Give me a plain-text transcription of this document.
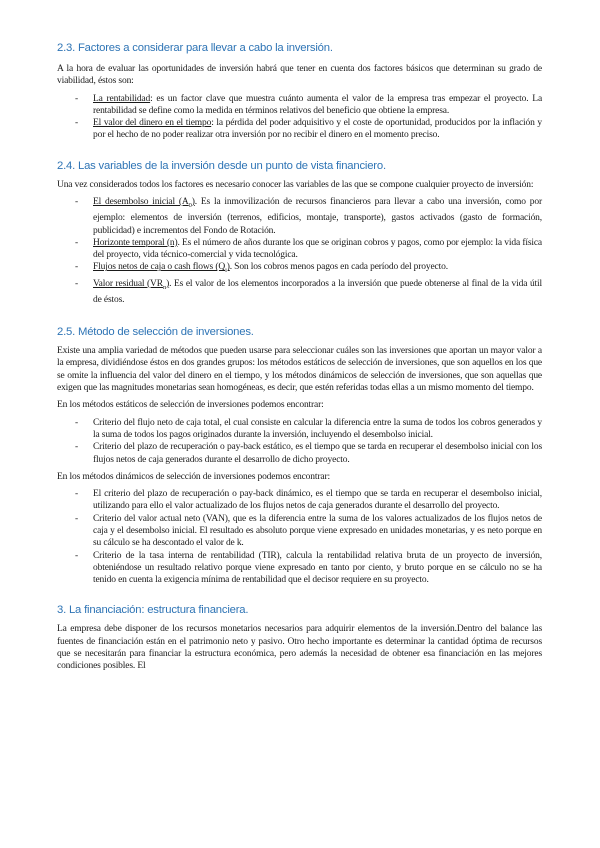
2.3. Factores a considerar para llevar a cabo la inversión.

A la hora de evaluar las oportunidades de inversión habrá que tener en cuenta dos factores básicos que determinan su grado de viabilidad, éstos son:

-	La rentabilidad: es un factor clave que muestra cuánto aumenta el valor de la empresa tras empezar el proyecto. La rentabilidad se define como la medida en términos relativos del beneficio que obtiene la empresa.
-	El valor del dinero en el tiempo: la pérdida del poder adquisitivo y el coste de oportunidad, producidos por la inflación y por el hecho de no poder realizar otra inversión por no recibir el dinero en el momento preciso.
2.4. Las variables de la inversión desde un punto de vista financiero.

Una vez considerados todos los factores es necesario conocer las variables de las que se compone cualquier proyecto de inversión:

-	El desembolso inicial $(A_0)$. Es la inmovilización de recursos financieros para llevar a cabo una inversión, como por ejemplo: elementos de inversión (terrenos, edificios, montaje, transporte), gastos activados (gasto de formación, publicidad) e incrementos del Fondo de Rotación.
-	Horizonte temporal (n). Es el número de años durante los que se originan cobros y pagos, como por ejemplo: la vida física del proyecto, vida técnico-comercial y vida tecnológica.
-	Flujos netos de caja o cash flows $(Q_i)$. Son los cobros menos pagos en cada período del proyecto.
-	Valor residual $(VR_n)$. Es el valor de los elementos incorporados a la inversión que puede obtenerse al final de la vida útil de éstos.
2.5. Método de selección de inversiones.

Existe una amplia variedad de métodos que pueden usarse para seleccionar cuáles son las inversiones que aportan un mayor valor a la empresa, dividiéndose éstos en dos grandes grupos: los métodos estáticos de selección de inversiones, que son aquellos en los que se omite la influencia del valor del dinero en el tiempo, y los métodos dinámicos de selección de inversiones, que son aquellas que exigen que las magnitudes monetarias sean homogéneas, es decir, que estén referidas todas ellas a un mismo momento del tiempo.

En los métodos estáticos de selección de inversiones podemos encontrar:

-	Criterio del flujo neto de caja total, el cual consiste en calcular la diferencia entre la suma de todos los cobros generados y la suma de todos los pagos originados durante la inversión, incluyendo el desembolso inicial.
-	Criterio del plazo de recuperación o pay-back estático, es el tiempo que se tarda en recuperar el desembolso inicial con los flujos netos de caja generados durante el desarrollo de dicho proyecto.

En los métodos dinámicos de selección de inversiones podemos encontrar:

-	El criterio del plazo de recuperación o pay-back dinámico, es el tiempo que se tarda en recuperar el desembolso inicial, utilizando para ello el valor actualizado de los flujos netos de caja generados durante el desarrollo del proyecto.
-	Criterio del valor actual neto (VAN), que es la diferencia entre la suma de los valores actualizados de los flujos netos de caja y el desembolso inicial. El resultado es absoluto porque viene expresado en unidades monetarias, y es neto porque en su cálculo se ha descontado el valor de k.
-	Criterio de la tasa interna de rentabilidad (TIR), calcula la rentabilidad relativa bruta de un proyecto de inversión, obteniéndose un resultado relativo porque viene expresado en tanto por ciento, y bruto porque en se cálculo no se ha tenido en cuenta la exigencia mínima de rentabilidad que el decisor requiere en su proyecto.
3. La financiación: estructura financiera.

La empresa debe disponer de los recursos monetarios necesarios para adquirir elementos de la inversión.Dentro del balance las fuentes de financiación están en el patrimonio neto y pasivo. Otro hecho importante es determinar la cantidad óptima de recursos que se necesitarán para financiar la estructura económica, pero además la necesidad de obtener esa financiación en las mejores condiciones posibles. El
